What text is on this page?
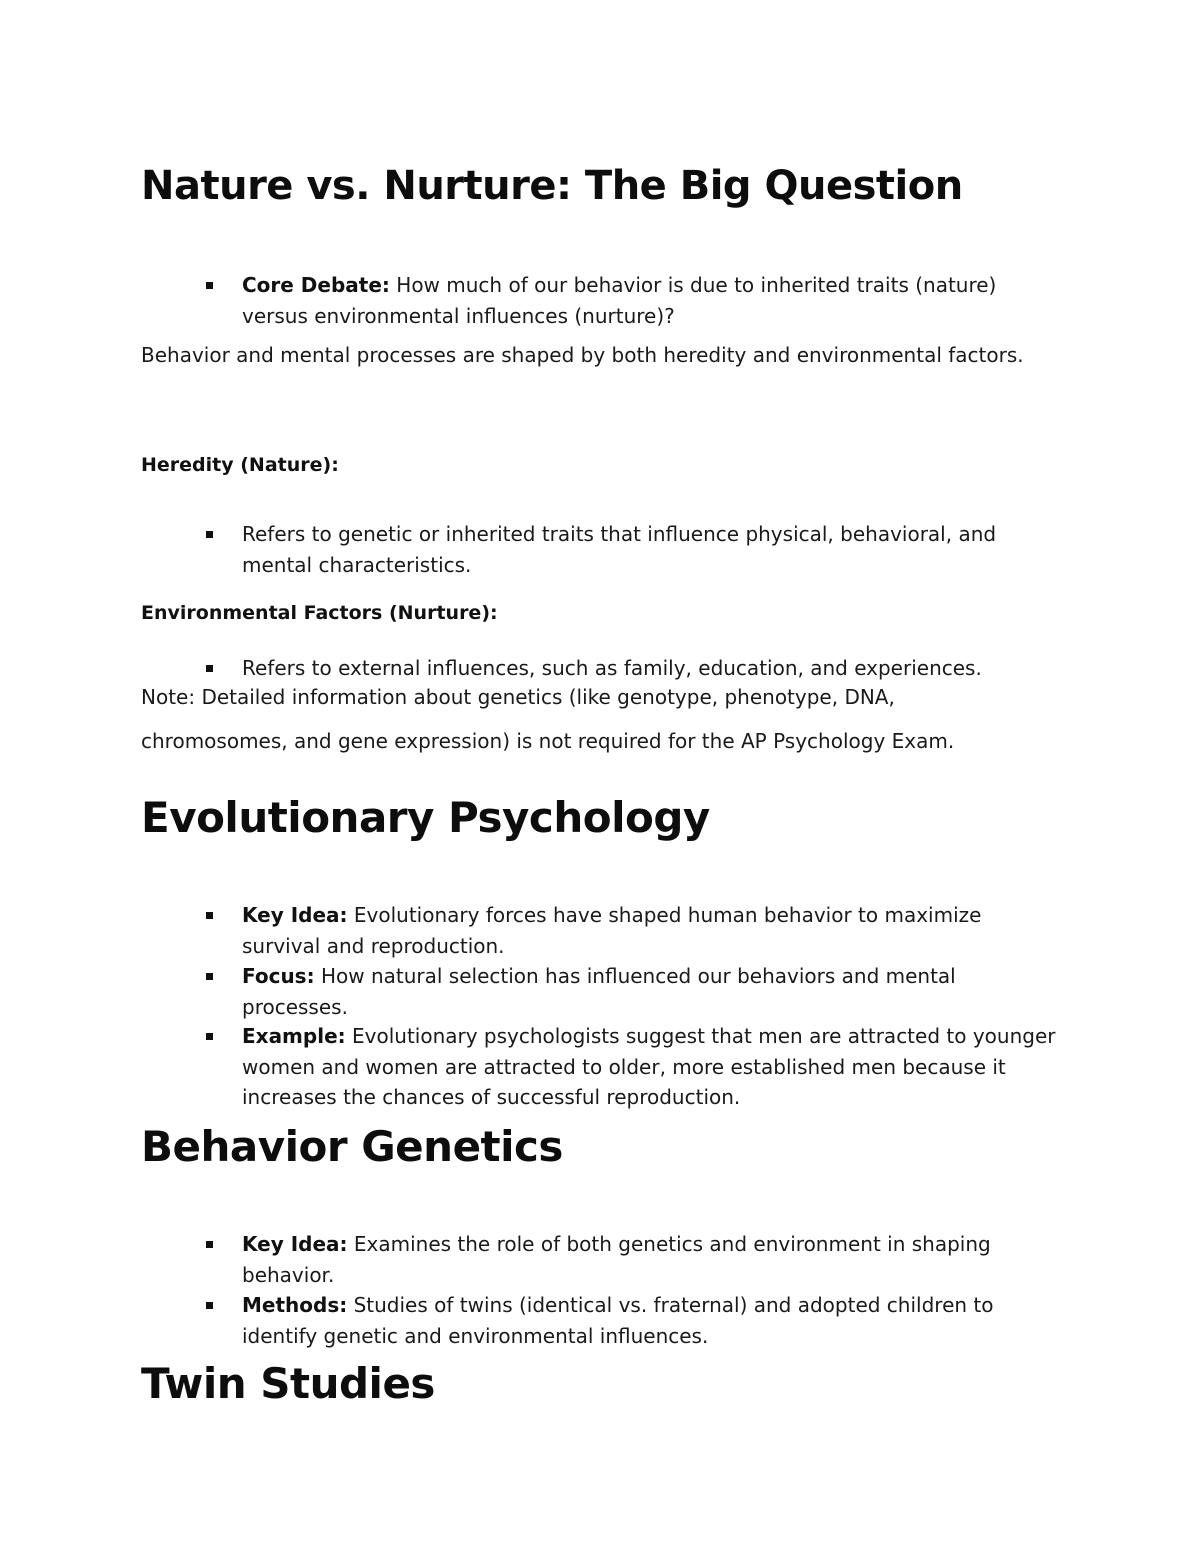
Nature vs. Nurture: The Big Question
Core Debate: How much of our behavior is due to inherited traits (nature) versus environmental influences (nurture)?

Behavior and mental processes are shaped by both heredity and environmental factors.

Heredity (Nature):

Refers to genetic or inherited traits that influence physical, behavioral, and mental characteristics.

Environmental Factors (Nurture):

Refers to external influences, such as family, education, and experiences.

Note: Detailed information about genetics (like genotype, phenotype, DNA, chromosomes, and gene expression) is not required for the AP Psychology Exam.

Evolutionary Psychology
Key Idea: Evolutionary forces have shaped human behavior to maximize survival and reproduction.
Focus: How natural selection has influenced our behaviors and mental processes.
Example: Evolutionary psychologists suggest that men are attracted to younger women and women are attracted to older, more established men because it increases the chances of successful reproduction.
Behavior Genetics
Key Idea: Examines the role of both genetics and environment in shaping behavior.
Methods: Studies of twins (identical vs. fraternal) and adopted children to identify genetic and environmental influences.
Twin Studies
